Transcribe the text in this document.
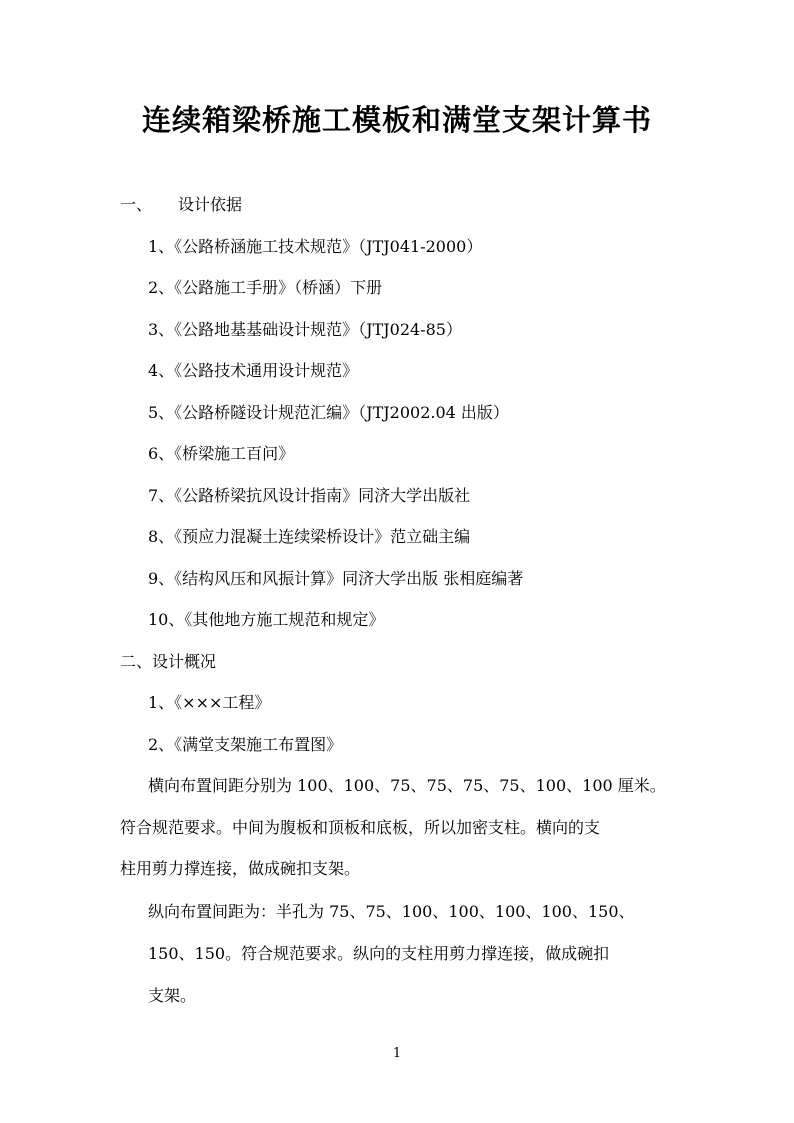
连续箱梁桥施工模板和满堂支架计算书
一、 设计依据
1、《公路桥涵施工技术规范》（JTJ041-2000）
2、《公路施工手册》（桥涵）下册
3、《公路地基基础设计规范》（JTJ024-85）
4、《公路技术通用设计规范》
5、《公路桥隧设计规范汇编》（JTJ2002.04 出版）
6、《桥梁施工百问》
7、《公路桥梁抗风设计指南》同济大学出版社
8、《预应力混凝土连续梁桥设计》范立础主编
9、《结构风压和风振计算》同济大学出版 张相庭编著
10、《其他地方施工规范和规定》
二、设计概况
1、《×××工程》
2、《满堂支架施工布置图》
横向布置间距分别为 100、100、75、75、75、75、100、100 厘米。
符合规范要求。中间为腹板和顶板和底板，所以加密支柱。横向的支
柱用剪力撑连接，做成碗扣支架。
纵向布置间距为：半孔为 75、75、100、100、100、100、150、
150、150。符合规范要求。纵向的支柱用剪力撑连接，做成碗扣
支架。
1
